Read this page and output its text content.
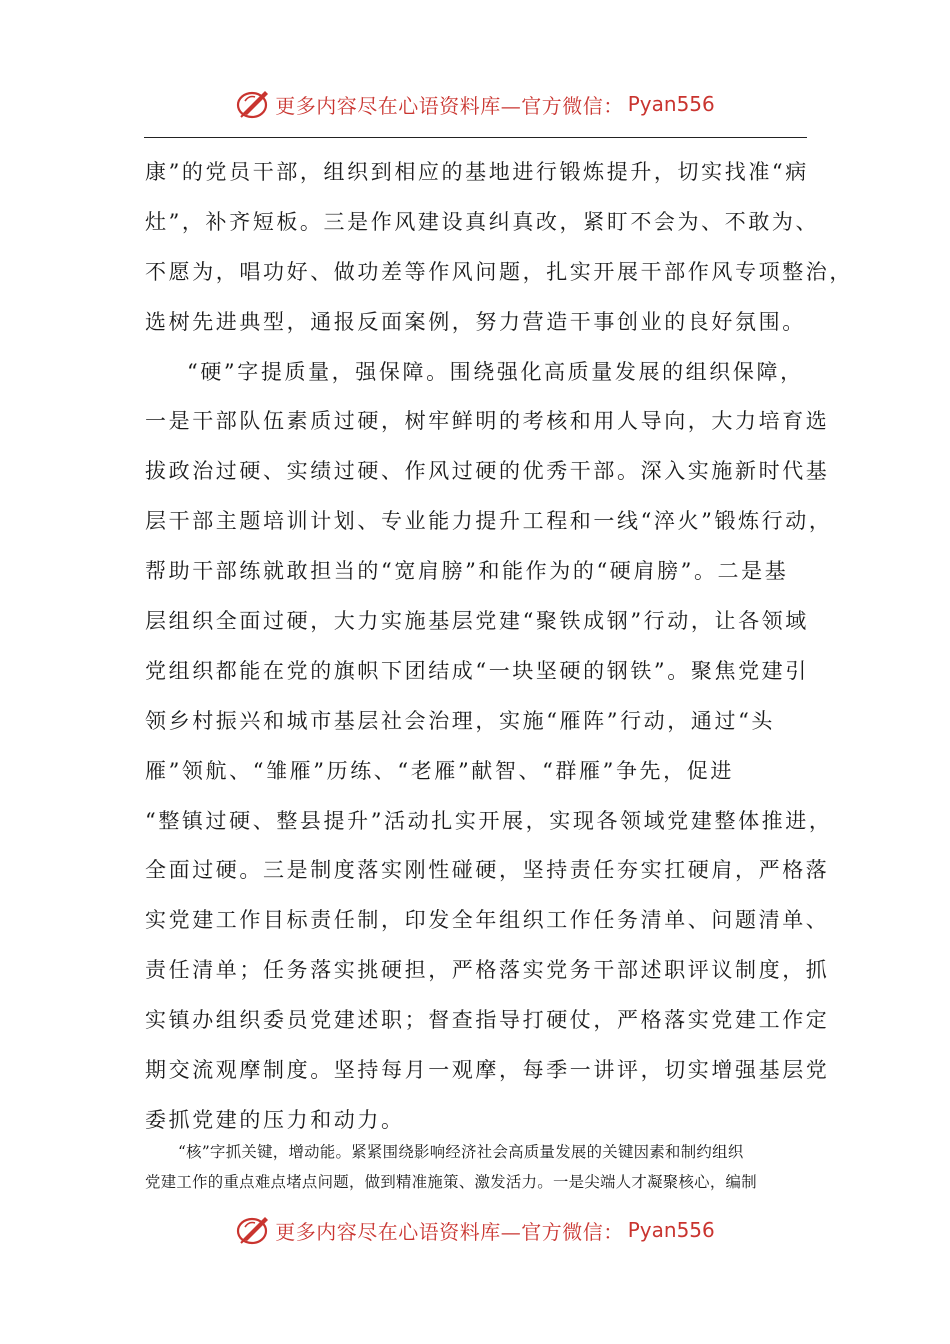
更多内容尽在心语资料库—官方微信： Pyan556
康”的党员干部，组织到相应的基地进行锻炼提升，切实找准“病
灶”，补齐短板。三是作风建设真纠真改，紧盯不会为、不敢为、
不愿为，唱功好、做功差等作风问题，扎实开展干部作风专项整治，
选树先进典型，通报反面案例，努力营造干事创业的良好氛围。
“硬”字提质量，强保障。围绕强化高质量发展的组织保障，
一是干部队伍素质过硬，树牢鲜明的考核和用人导向，大力培育选
拔政治过硬、实绩过硬、作风过硬的优秀干部。深入实施新时代基
层干部主题培训计划、专业能力提升工程和一线“淬火”锻炼行动，
帮助干部练就敢担当的“宽肩膀”和能作为的“硬肩膀”。二是基
层组织全面过硬，大力实施基层党建“聚铁成钢”行动，让各领域
党组织都能在党的旗帜下团结成“一块坚硬的钢铁”。聚焦党建引
领乡村振兴和城市基层社会治理，实施“雁阵”行动，通过“头
雁”领航、“雏雁”历练、“老雁”献智、“群雁”争先，促进
“整镇过硬、整县提升”活动扎实开展，实现各领域党建整体推进，
全面过硬。三是制度落实刚性碰硬，坚持责任夯实扛硬肩，严格落
实党建工作目标责任制，印发全年组织工作任务清单、问题清单、
责任清单；任务落实挑硬担，严格落实党务干部述职评议制度，抓
实镇办组织委员党建述职；督查指导打硬仗，严格落实党建工作定
期交流观摩制度。坚持每月一观摩，每季一讲评，切实增强基层党
委抓党建的压力和动力。
“核”字抓关键，增动能。紧紧围绕影响经济社会高质量发展的关键因素和制约组织
党建工作的重点难点堵点问题，做到精准施策、激发活力。一是尖端人才凝聚核心，编制
更多内容尽在心语资料库—官方微信： Pyan556
